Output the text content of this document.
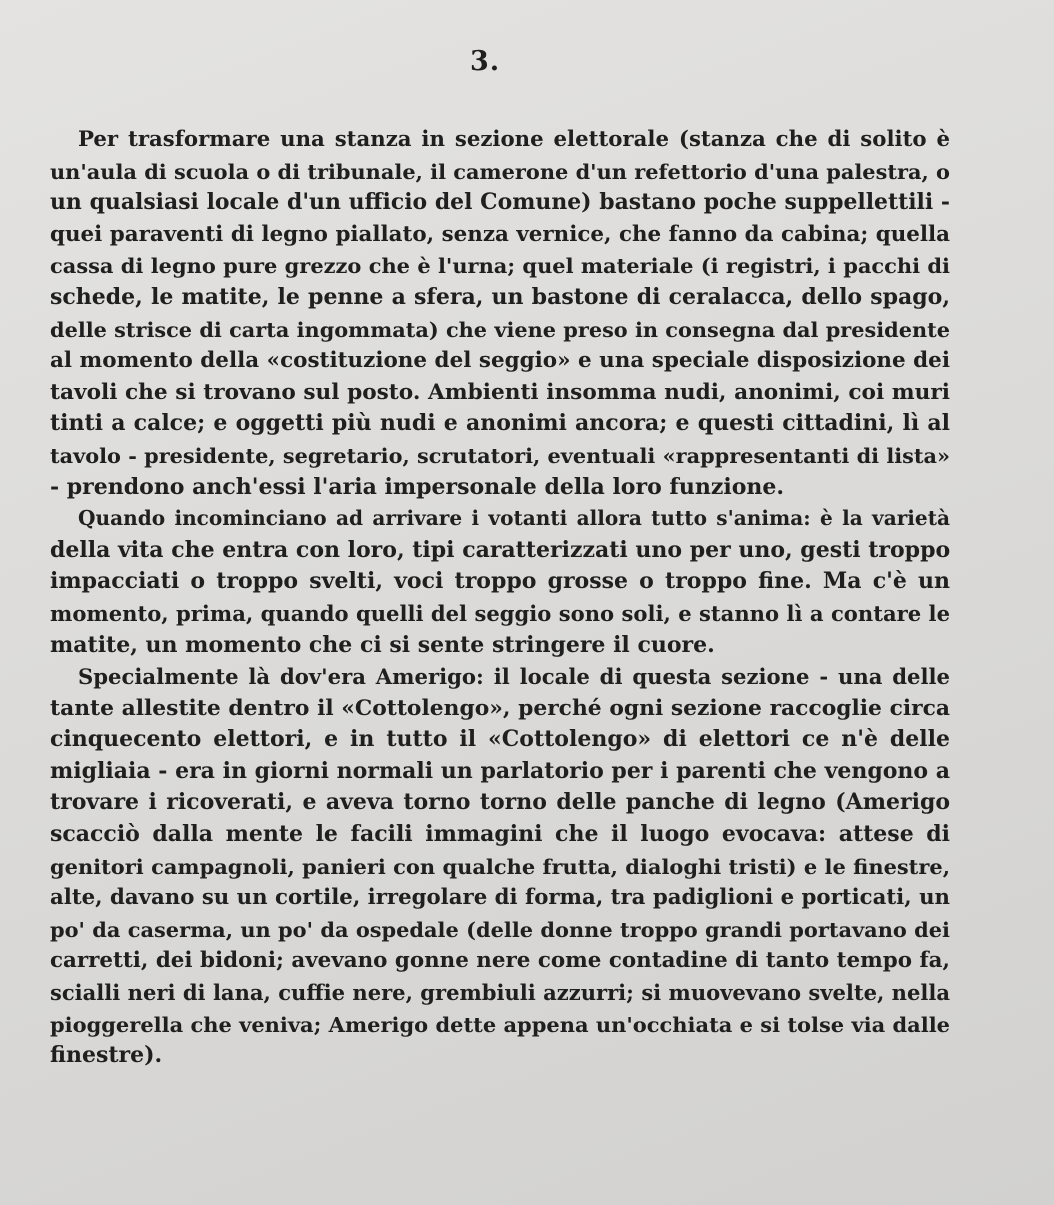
3.

Per trasformare una stanza in sezione elettorale (stanza che di solito è
un'aula di scuola o di tribunale, il camerone d'un refettorio d'una palestra, o
un qualsiasi locale d'un ufficio del Comune) bastano poche suppellettili -
quei paraventi di legno piallato, senza vernice, che fanno da cabina; quella
cassa di legno pure grezzo che è l'urna; quel materiale (i registri, i pacchi di
schede, le matite, le penne a sfera, un bastone di ceralacca, dello spago,
delle strisce di carta ingommata) che viene preso in consegna dal presidente
al momento della «costituzione del seggio» e una speciale disposizione dei
tavoli che si trovano sul posto. Ambienti insomma nudi, anonimi, coi muri
tinti a calce; e oggetti più nudi e anonimi ancora; e questi cittadini, lì al
tavolo - presidente, segretario, scrutatori, eventuali «rappresentanti di lista»
- prendono anch'essi l'aria impersonale della loro funzione.

Quando incominciano ad arrivare i votanti allora tutto s'anima: è la varietà
della vita che entra con loro, tipi caratterizzati uno per uno, gesti troppo
impacciati o troppo svelti, voci troppo grosse o troppo fine. Ma c'è un
momento, prima, quando quelli del seggio sono soli, e stanno lì a contare le
matite, un momento che ci si sente stringere il cuore.

Specialmente là dov'era Amerigo: il locale di questa sezione - una delle
tante allestite dentro il «Cottolengo», perché ogni sezione raccoglie circa
cinquecento elettori, e in tutto il «Cottolengo» di elettori ce n'è delle
migliaia - era in giorni normali un parlatorio per i parenti che vengono a
trovare i ricoverati, e aveva torno torno delle panche di legno (Amerigo
scacciò dalla mente le facili immagini che il luogo evocava: attese di
genitori campagnoli, panieri con qualche frutta, dialoghi tristi) e le finestre,
alte, davano su un cortile, irregolare di forma, tra padiglioni e porticati, un
po' da caserma, un po' da ospedale (delle donne troppo grandi portavano dei
carretti, dei bidoni; avevano gonne nere come contadine di tanto tempo fa,
scialli neri di lana, cuffie nere, grembiuli azzurri; si muovevano svelte, nella
pioggerella che veniva; Amerigo dette appena un'occhiata e si tolse via dalle
finestre).
